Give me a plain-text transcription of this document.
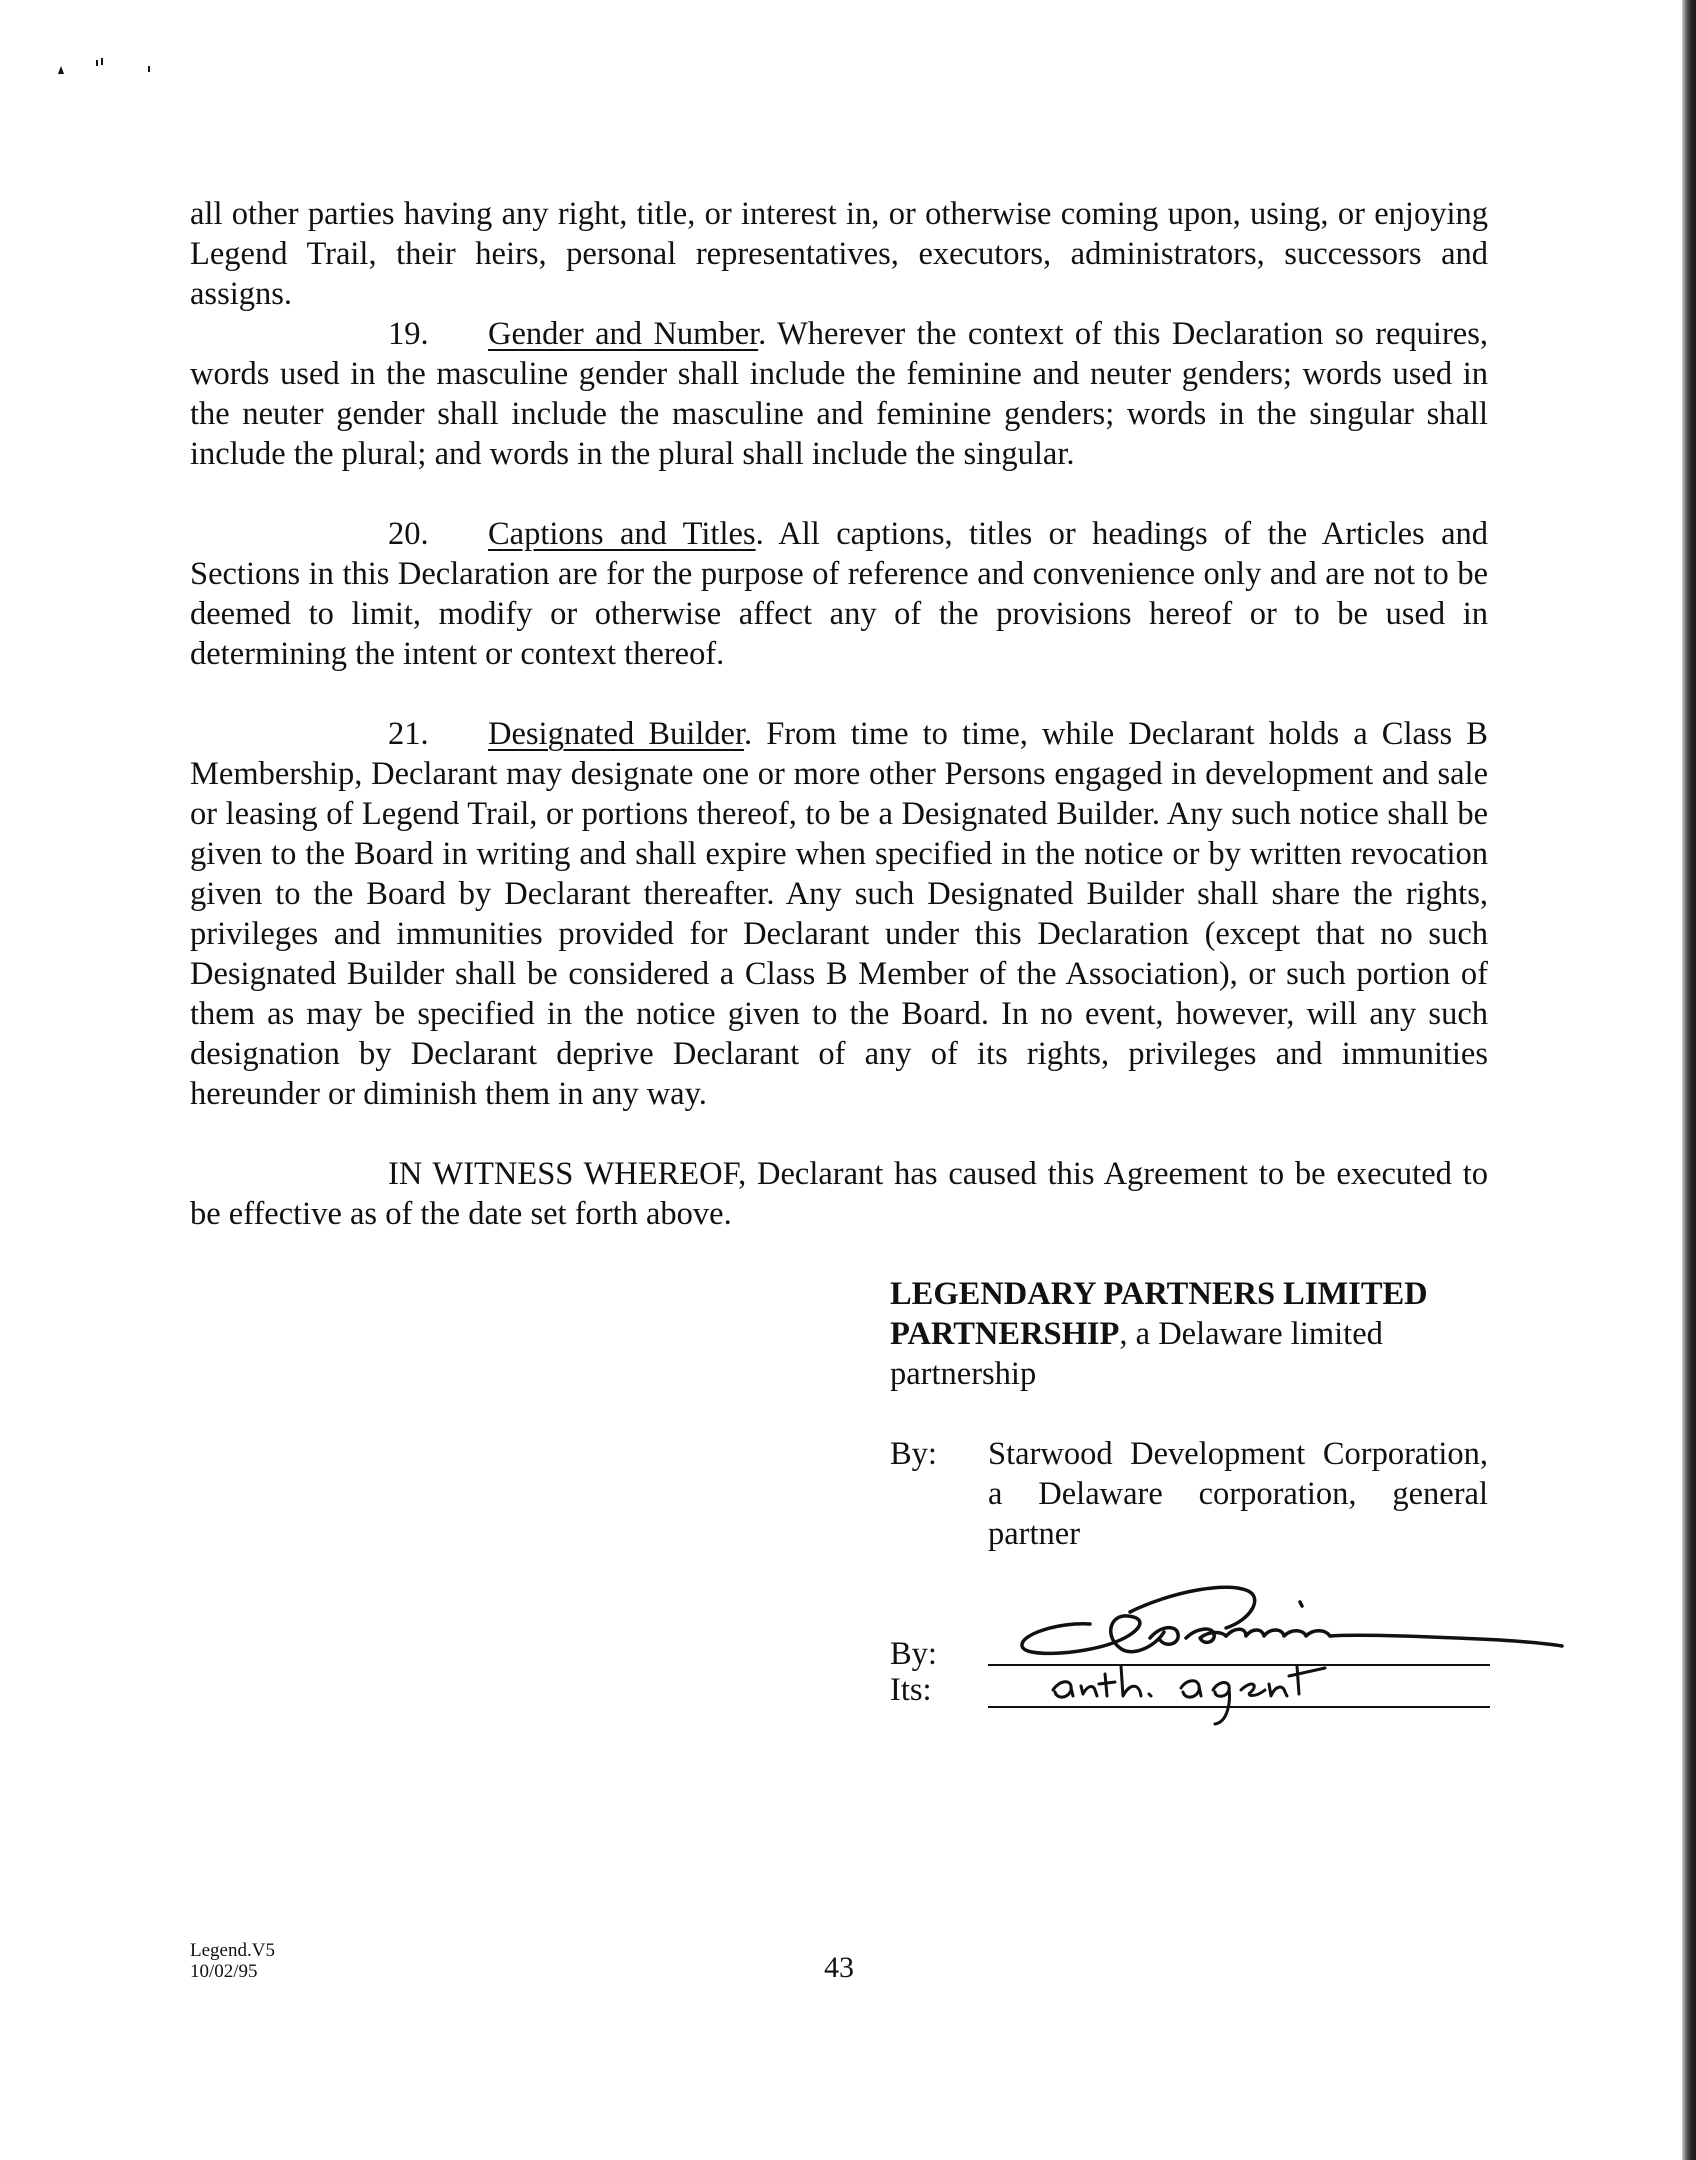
all other parties having any right, title, or interest in, or otherwise coming upon, using, or enjoying Legend Trail, their heirs, personal representatives, executors, administrators, successors and assigns.

19. Gender and Number. Wherever the context of this Declaration so requires, words used in the masculine gender shall include the feminine and neuter genders; words used in the neuter gender shall include the masculine and feminine genders; words in the singular shall include the plural; and words in the plural shall include the singular.

20. Captions and Titles. All captions, titles or headings of the Articles and Sections in this Declaration are for the purpose of reference and convenience only and are not to be deemed to limit, modify or otherwise affect any of the provisions hereof or to be used in determining the intent or context thereof.

21. Designated Builder. From time to time, while Declarant holds a Class B Membership, Declarant may designate one or more other Persons engaged in development and sale or leasing of Legend Trail, or portions thereof, to be a Designated Builder. Any such notice shall be given to the Board in writing and shall expire when specified in the notice or by written revocation given to the Board by Declarant thereafter. Any such Designated Builder shall share the rights, privileges and immunities provided for Declarant under this Declaration (except that no such Designated Builder shall be considered a Class B Member of the Association), or such portion of them as may be specified in the notice given to the Board. In no event, however, will any such designation by Declarant deprive Declarant of any of its rights, privileges and immunities hereunder or diminish them in any way.

IN WITNESS WHEREOF, Declarant has caused this Agreement to be executed to be effective as of the date set forth above.

LEGENDARY PARTNERS LIMITED PARTNERSHIP, a Delaware limited partnership
By: Starwood Development Corporation, a Delaware corporation, general partner
By:
Its:
Legend.V5
10/02/95	43
